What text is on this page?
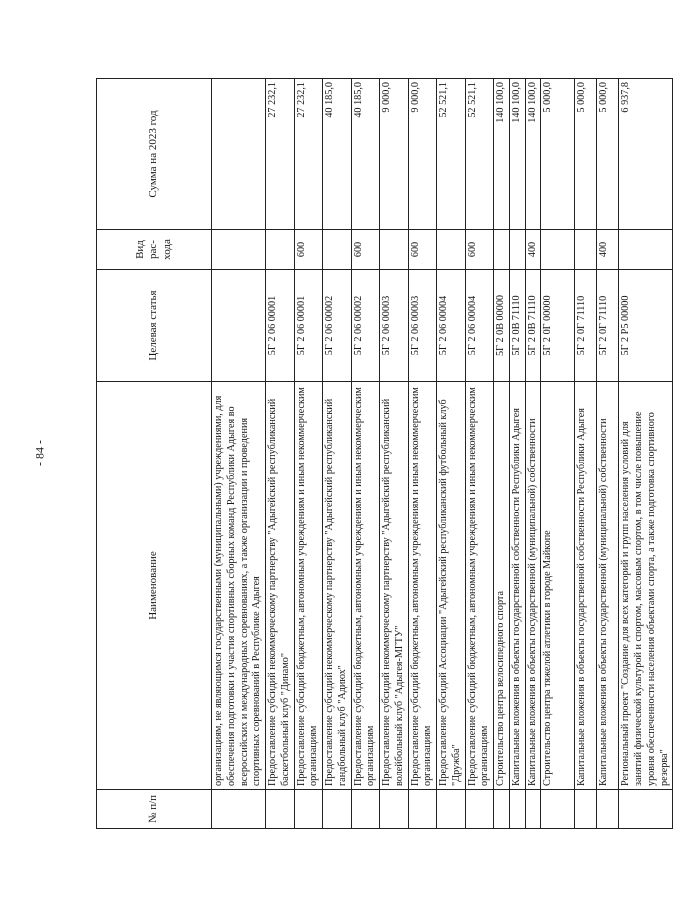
- 84 -
№ п/п	Наименование	Целевая статья	Вид рас-хода	Сумма на 2023 год
	организациям, не являющимся государственными (муниципальными) учреждениями, для обеспечения подготовки и участия спортивных сборных команд Республики Адыгея во всероссийских и международных соревнованиях, а также организации и проведения спортивных соревнований в Республике Адыгея			
	Предоставление субсидий некоммерческому партнерству "Адыгейский республиканский баскетбольный клуб "Динамо"	5Г 2 06 00001		27 232,1
	Предоставление субсидий бюджетным, автономным учреждениям и иным некоммерческим организациям	5Г 2 06 00001	600	27 232,1
	Предоставление субсидий некоммерческому партнерству "Адыгейский республиканский гандбольный клуб "Адиюх"	5Г 2 06 00002		40 185,0
	Предоставление субсидий бюджетным, автономным учреждениям и иным некоммерческим организациям	5Г 2 06 00002	600	40 185,0
	Предоставление субсидий некоммерческому партнерству "Адыгейский республиканский волейбольный клуб "Адыгея-МГТУ"	5Г 2 06 00003		9 000,0
	Предоставление субсидий бюджетным, автономным учреждениям и иным некоммерческим организациям	5Г 2 06 00003	600	9 000,0
	Предоставление субсидий Ассоциации "Адыгейский республиканский футбольный клуб "Дружба"	5Г 2 06 00004		52 521,1
	Предоставление субсидий бюджетным, автономным учреждениям и иным некоммерческим организациям	5Г 2 06 00004	600	52 521,1
	Строительство центра велосипедного спорта	5Г 2 0В 00000		140 100,0
	Капитальные вложения в объекты государственной собственности Республики Адыгея	5Г 2 0В 71110		140 100,0
	Капитальные вложения в объекты государственной (муниципальной) собственности	5Г 2 0В 71110	400	140 100,0
	Строительство центра тяжелой атлетики в городе Майкопе	5Г 2 0Г 00000		5 000,0
	Капитальные вложения в объекты государственной собственности Республики Адыгея	5Г 2 0Г 71110		5 000,0
	Капитальные вложения в объекты государственной (муниципальной) собственности	5Г 2 0Г 71110	400	5 000,0
	Региональный проект "Создание для всех категорий и групп населения условий для занятий физической культурой и спортом, массовым спортом, в том числе повышение уровня обеспеченности населения объектами спорта, а также подготовка спортивного резерва"	5Г 2 Р5 00000		6 937,8
